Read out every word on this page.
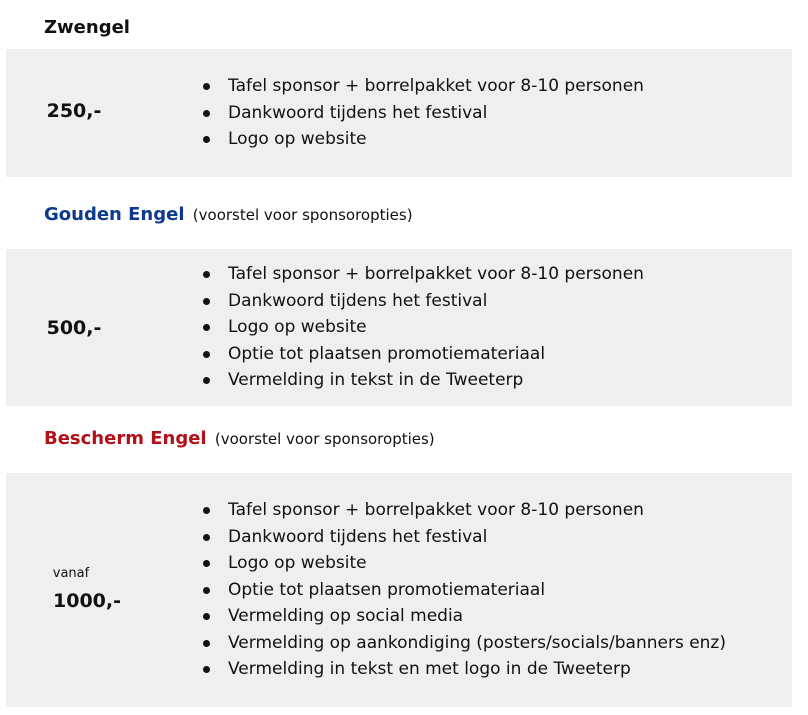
Zwengel
250,-
Tafel sponsor + borrelpakket voor 8-10 personen
Dankwoord tijdens het festival
Logo op website
Gouden Engel (voorstel voor sponsoropties)
500,-
Tafel sponsor + borrelpakket voor 8-10 personen
Dankwoord tijdens het festival
Logo op website
Optie tot plaatsen promotiemateriaal
Vermelding in tekst in de Tweeterp
Bescherm Engel (voorstel voor sponsoropties)
vanaf
1000,-
Tafel sponsor + borrelpakket voor 8-10 personen
Dankwoord tijdens het festival
Logo op website
Optie tot plaatsen promotiemateriaal
Vermelding op social media
Vermelding op aankondiging (posters/socials/banners enz)
Vermelding in tekst en met logo in de Tweeterp
